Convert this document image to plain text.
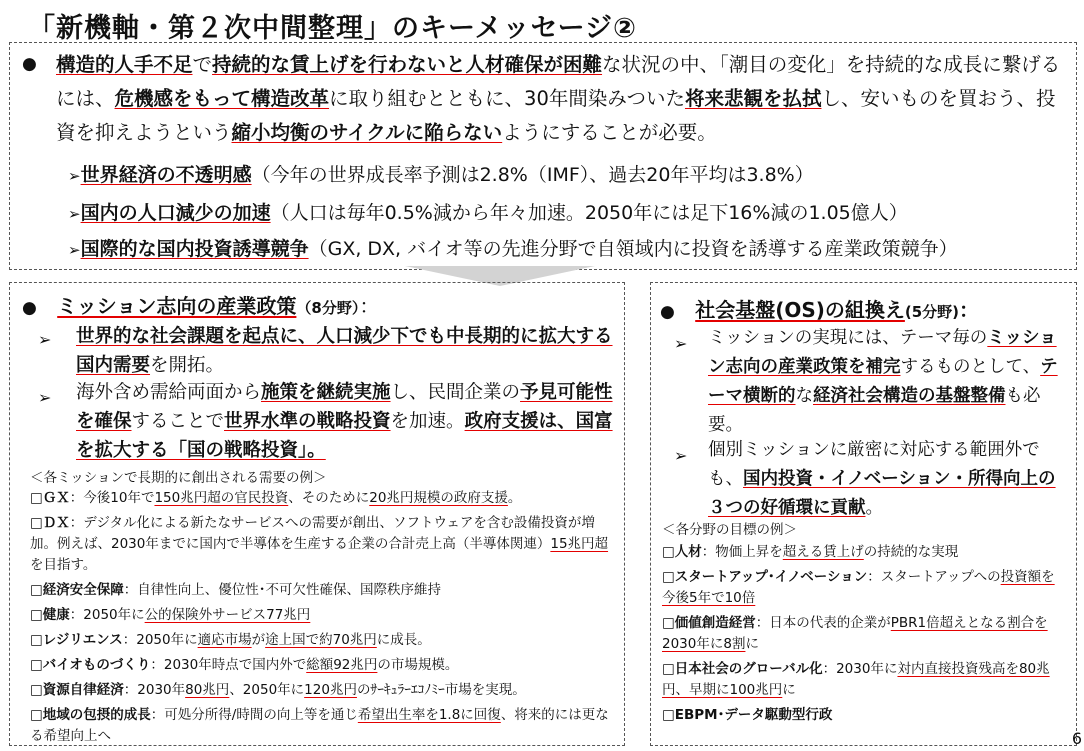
「新機軸・第２次中間整理」のキーメッセージ②
● 構造的人手不足で持続的な賃上げを行わないと人材確保が困難な状況の中、「潮目の変化」を持続的な成長に繋げるには、危機感をもって構造改革に取り組むとともに、30年間染みついた将来悲観を払拭し、安いものを買おう、投資を抑えようという縮小均衡のサイクルに陥らないようにすることが必要。
➢世界経済の不透明感（今年の世界成長率予測は2.8%（IMF）、過去20年平均は3.8%）
➢国内の人口減少の加速（人口は毎年0.5%減から年々加速。2050年には足下16%減の1.05億人）
➢国際的な国内投資誘導競争（GX, DX, バイオ等の先進分野で自領域内に投資を誘導する産業政策競争）
● ミッション志向の産業政策（8分野）：
➢ 世界的な社会課題を起点に、人口減少下でも中長期的に拡大する国内需要を開拓。
➢ 海外含め需給両面から施策を継続実施し、民間企業の予見可能性を確保することで世界水準の戦略投資を加速。政府支援は、国富を拡大する「国の戦略投資」。
＜各ミッションで長期的に創出される需要の例＞
□ＧＸ：今後10年で150兆円超の官民投資、そのために20兆円規模の政府支援。
□ＤＸ：デジタル化による新たなサービスへの需要が創出、ソフトウェアを含む設備投資が増加。例えば、2030年までに国内で半導体を生産する企業の合計売上高（半導体関連）15兆円超を目指す。
□経済安全保障：自律性向上、優位性･不可欠性確保、国際秩序維持
□健康：2050年に公的保険外サービス77兆円
□レジリエンス：2050年に適応市場が途上国で約70兆円に成長。
□バイオものづくり：2030年時点で国内外で総額92兆円の市場規模。
□資源自律経済：2030年80兆円、2050年に120兆円のｻｰｷｭﾗｰｴｺﾉﾐｰ市場を実現。
□地域の包摂的成長：可処分所得/時間の向上等を通じ希望出生率を1.8に回復、将来的には更なる希望向上へ
● 社会基盤(OS)の組換え(5分野)：
➢ ミッションの実現には、テーマ毎のミッション志向の産業政策を補完するものとして、テーマ横断的な経済社会構造の基盤整備も必要。
➢ 個別ミッションに厳密に対応する範囲外でも、国内投資・イノベーション・所得向上の３つの好循環に貢献。
＜各分野の目標の例＞
□人材：物価上昇を超える賃上げの持続的な実現
□スタートアップ･イノベーション：スタートアップへの投資額を今後5年で10倍
□価値創造経営：日本の代表的企業がPBR1倍超えとなる割合を2030年に8割に
□日本社会のグローバル化：2030年に対内直接投資残高を80兆円、早期に100兆円に
□EBPM･データ駆動型行政
6
